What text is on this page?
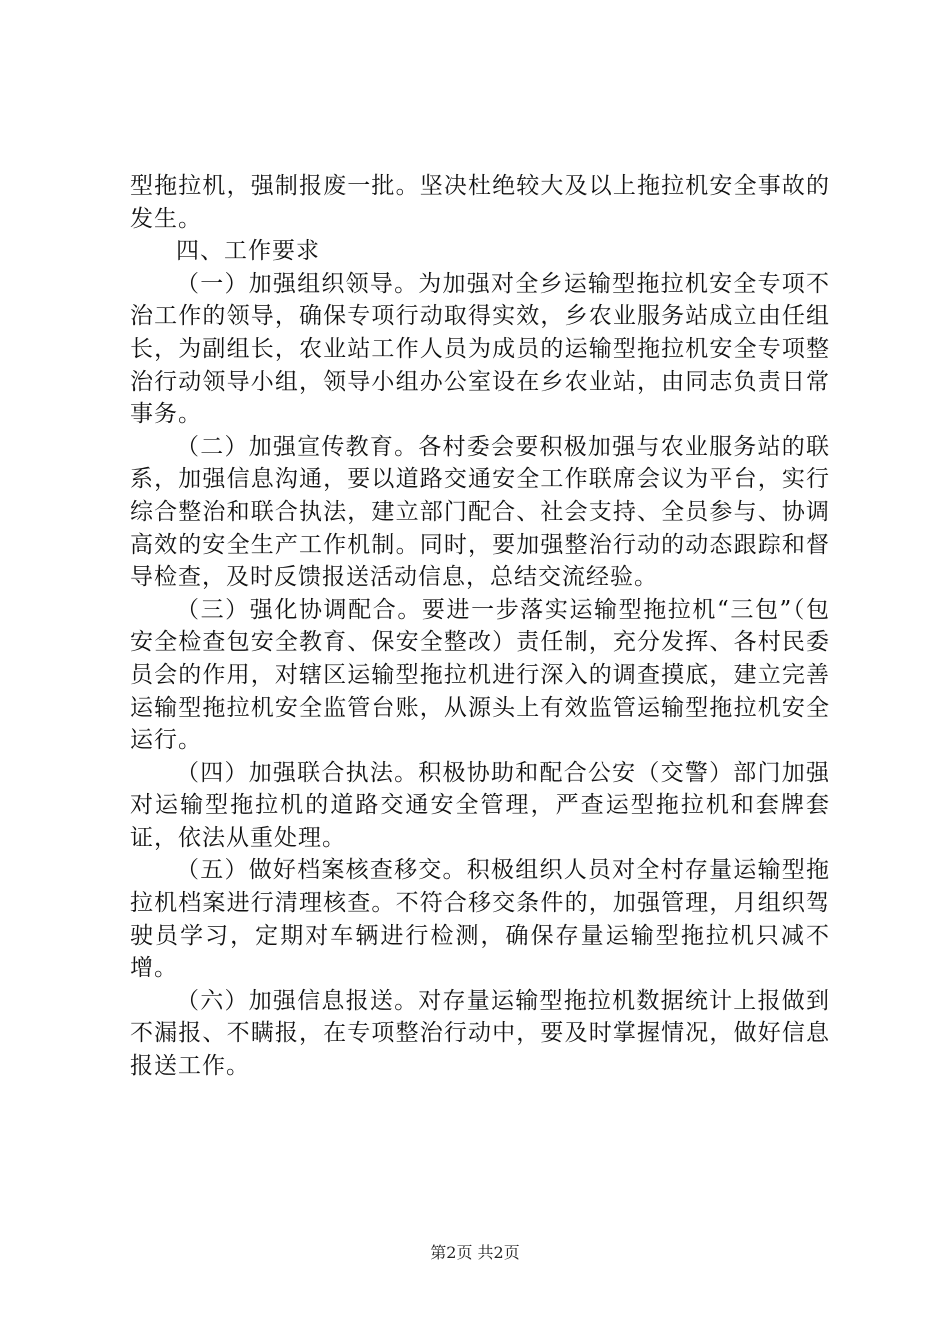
型拖拉机，强制报废一批。坚决杜绝较大及以上拖拉机安全事故的发生。

四、工作要求

（一）加强组织领导。为加强对全乡运输型拖拉机安全专项不治工作的领导，确保专项行动取得实效，乡农业服务站成立由任组长，为副组长，农业站工作人员为成员的运输型拖拉机安全专项整治行动领导小组，领导小组办公室设在乡农业站，由同志负责日常事务。

（二）加强宣传教育。各村委会要积极加强与农业服务站的联系，加强信息沟通，要以道路交通安全工作联席会议为平台，实行综合整治和联合执法，建立部门配合、社会支持、全员参与、协调高效的安全生产工作机制。同时，要加强整治行动的动态跟踪和督导检查，及时反馈报送活动信息，总结交流经验。

（三）强化协调配合。要进一步落实运输型拖拉机“三包”（包安全检查包安全教育、保安全整改）责任制，充分发挥、各村民委员会的作用，对辖区运输型拖拉机进行深入的调查摸底，建立完善运输型拖拉机安全监管台账，从源头上有效监管运输型拖拉机安全运行。

（四）加强联合执法。积极协助和配合公安（交警）部门加强对运输型拖拉机的道路交通安全管理，严查运型拖拉机和套牌套证，依法从重处理。

（五）做好档案核查移交。积极组织人员对全村存量运输型拖拉机档案进行清理核查。不符合移交条件的，加强管理，月组织驾驶员学习，定期对车辆进行检测，确保存量运输型拖拉机只减不增。

（六）加强信息报送。对存量运输型拖拉机数据统计上报做到不漏报、不瞒报，在专项整治行动中，要及时掌握情况，做好信息报送工作。

第2页 共2页
